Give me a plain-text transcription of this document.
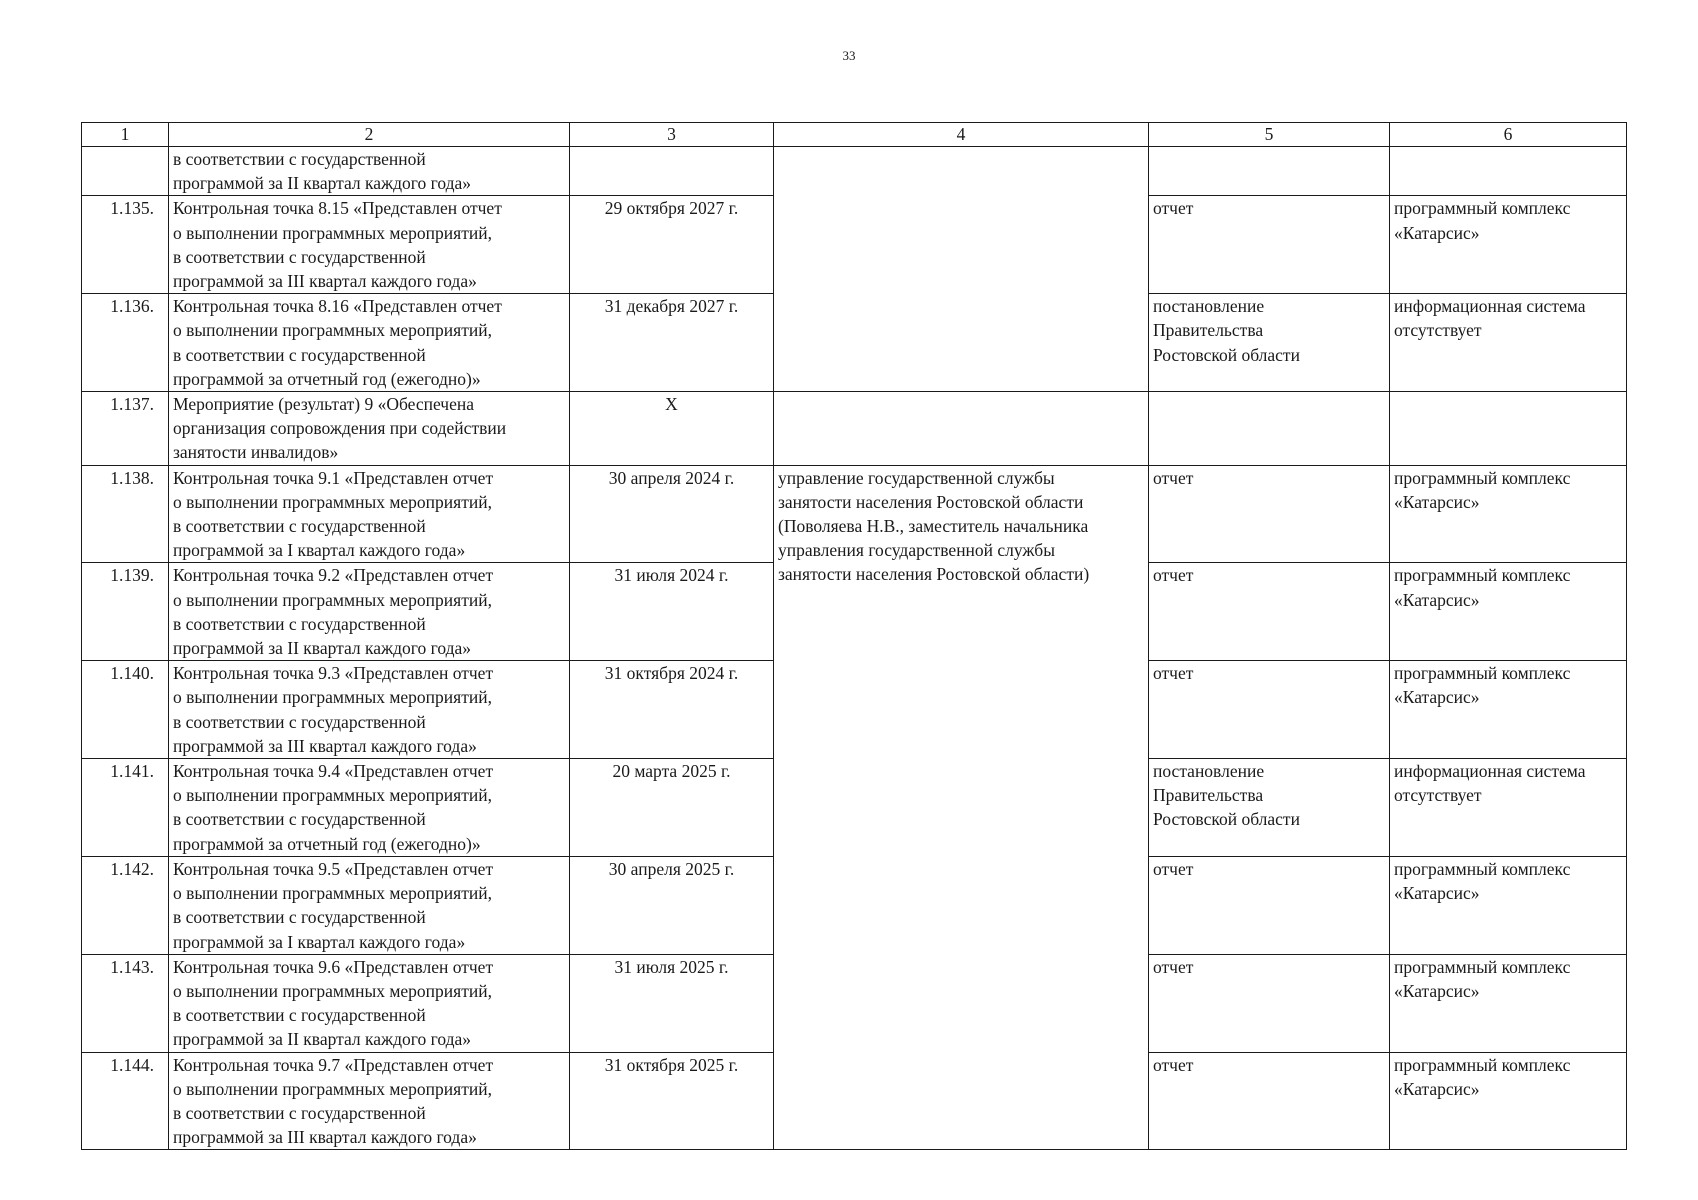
33
1	2	3	4	5	6
	в соответствии с государственной
программой за II квартал каждого года»				
1.135.	Контрольная точка 8.15 «Представлен отчет
о выполнении программных мероприятий,
в соответствии с государственной
программой за III квартал каждого года»	29 октября 2027 г.		отчет	программный комплекс
«Катарсис»
1.136.	Контрольная точка 8.16 «Представлен отчет
о выполнении программных мероприятий,
в соответствии с государственной
программой за отчетный год (ежегодно)»	31 декабря 2027 г.		постановление
Правительства
Ростовской области	информационная система
отсутствует
1.137.	Мероприятие (результат) 9 «Обеспечена
организация сопровождения при содействии
занятости инвалидов»	Х			
1.138.	Контрольная точка 9.1 «Представлен отчет
о выполнении программных мероприятий,
в соответствии с государственной
программой за I квартал каждого года»	30 апреля 2024 г.	управление государственной службы
занятости населения Ростовской области
(Поволяева Н.В., заместитель начальника
управления государственной службы
занятости населения Ростовской области)	отчет	программный комплекс
«Катарсис»
1.139.	Контрольная точка 9.2 «Представлен отчет
о выполнении программных мероприятий,
в соответствии с государственной
программой за II квартал каждого года»	31 июля 2024 г.		отчет	программный комплекс
«Катарсис»
1.140.	Контрольная точка 9.3 «Представлен отчет
о выполнении программных мероприятий,
в соответствии с государственной
программой за III квартал каждого года»	31 октября 2024 г.		отчет	программный комплекс
«Катарсис»
1.141.	Контрольная точка 9.4 «Представлен отчет
о выполнении программных мероприятий,
в соответствии с государственной
программой за отчетный год (ежегодно)»	20 марта 2025 г.		постановление
Правительства
Ростовской области	информационная система
отсутствует
1.142.	Контрольная точка 9.5 «Представлен отчет
о выполнении программных мероприятий,
в соответствии с государственной
программой за I квартал каждого года»	30 апреля 2025 г.		отчет	программный комплекс
«Катарсис»
1.143.	Контрольная точка 9.6 «Представлен отчет
о выполнении программных мероприятий,
в соответствии с государственной
программой за II квартал каждого года»	31 июля 2025 г.		отчет	программный комплекс
«Катарсис»
1.144.	Контрольная точка 9.7 «Представлен отчет
о выполнении программных мероприятий,
в соответствии с государственной
программой за III квартал каждого года»	31 октября 2025 г.		отчет	программный комплекс
«Катарсис»
